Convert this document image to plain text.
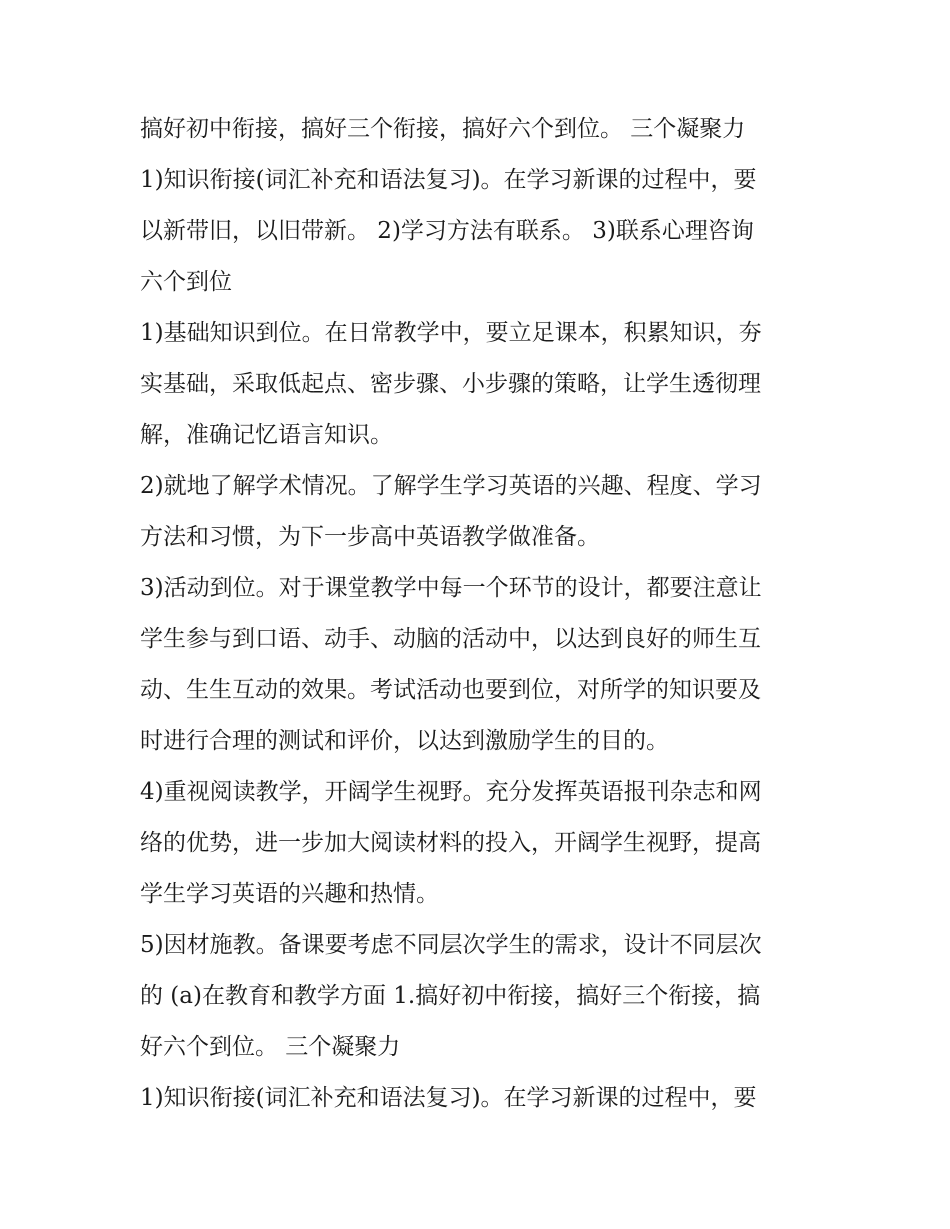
搞好初中衔接，搞好三个衔接，搞好六个到位。 三个凝聚力
1)知识衔接(词汇补充和语法复习)。在学习新课的过程中，要
以新带旧，以旧带新。 2)学习方法有联系。 3)联系心理咨询
六个到位
1)基础知识到位。在日常教学中，要立足课本，积累知识，夯
实基础，采取低起点、密步骤、小步骤的策略，让学生透彻理
解，准确记忆语言知识。
2)就地了解学术情况。了解学生学习英语的兴趣、程度、学习
方法和习惯，为下一步高中英语教学做准备。
3)活动到位。对于课堂教学中每一个环节的设计，都要注意让
学生参与到口语、动手、动脑的活动中，以达到良好的师生互
动、生生互动的效果。考试活动也要到位，对所学的知识要及
时进行合理的测试和评价，以达到激励学生的目的。
4)重视阅读教学，开阔学生视野。充分发挥英语报刊杂志和网
络的优势，进一步加大阅读材料的投入，开阔学生视野，提高
学生学习英语的兴趣和热情。
5)因材施教。备课要考虑不同层次学生的需求，设计不同层次
的 (a)在教育和教学方面 1.搞好初中衔接，搞好三个衔接，搞
好六个到位。 三个凝聚力
1)知识衔接(词汇补充和语法复习)。在学习新课的过程中，要
